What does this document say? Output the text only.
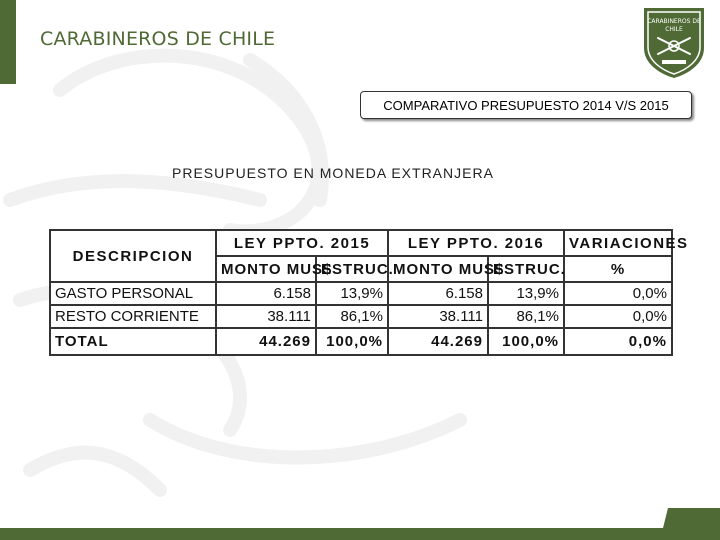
CARABINEROS DE CHILE
CARABINEROS DE
CHILE
COMPARATIVO PRESUPUESTO 2014 V/S 2015
PRESUPUESTO EN MONEDA EXTRANJERA
DESCRIPCION	LEY PPTO. 2015		LEY PPTO. 2016		VARIACIONES
	MONTO MUS$	ESTRUC.	MONTO MUS$	ESTRUC.	%
GASTO PERSONAL	6.158	13,9%	6.158	13,9%	0,0%
RESTO CORRIENTE	38.111	86,1%	38.111	86,1%	0,0%
TOTAL	44.269	100,0%	44.269	100,0%	0,0%
